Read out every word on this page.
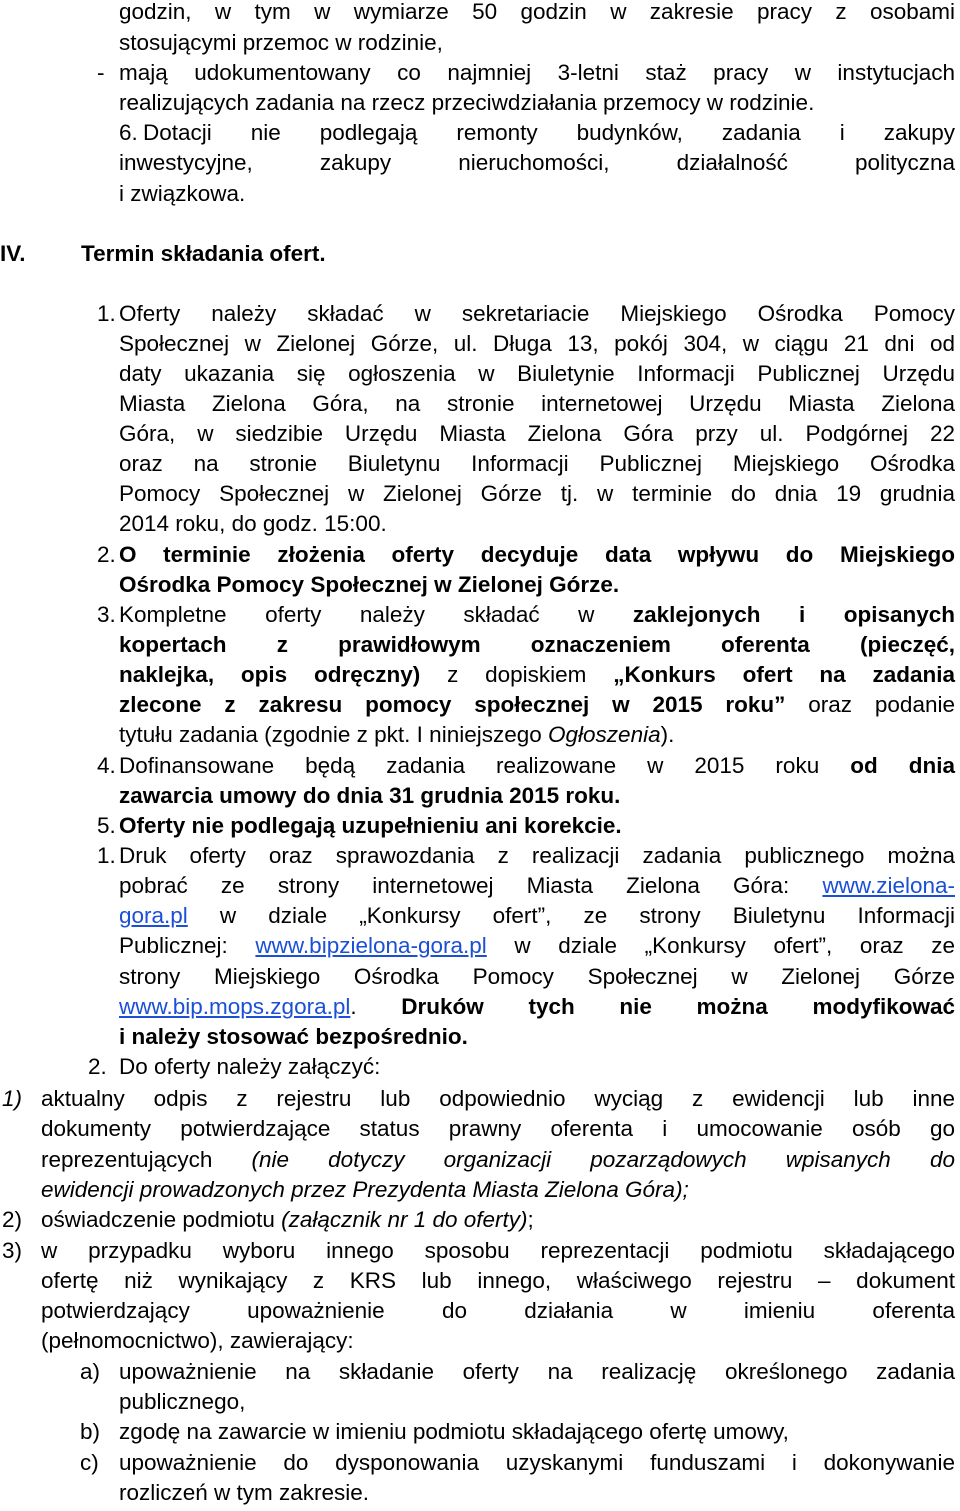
godzin, w tym w wymiarze 50 godzin w zakresie pracy z osobami
stosującymi przemoc w rodzinie,
- mają udokumentowany co najmniej 3-letni staż pracy w instytucjach
realizujących zadania na rzecz przeciwdziałania przemocy w rodzinie.
6. Dotacji nie podlegają remonty budynków, zadania i zakupy
inwestycyjne, zakupy nieruchomości, działalność polityczna
i związkowa.
IV. Termin składania ofert.
1. Oferty należy składać w sekretariacie Miejskiego Ośrodka Pomocy
Społecznej w Zielonej Górze, ul. Długa 13, pokój 304, w ciągu 21 dni od
daty ukazania się ogłoszenia w Biuletynie Informacji Publicznej Urzędu
Miasta Zielona Góra, na stronie internetowej Urzędu Miasta Zielona
Góra, w siedzibie Urzędu Miasta Zielona Góra przy ul. Podgórnej 22
oraz na stronie Biuletynu Informacji Publicznej Miejskiego Ośrodka
Pomocy Społecznej w Zielonej Górze tj. w terminie do dnia 19 grudnia
2014 roku, do godz. 15:00.
2. O terminie złożenia oferty decyduje data wpływu do Miejskiego
Ośrodka Pomocy Społecznej w Zielonej Górze.
3. Kompletne oferty należy składać w zaklejonych i opisanych
kopertach z prawidłowym oznaczeniem oferenta (pieczęć,
naklejka, opis odręczny) z dopiskiem „Konkurs ofert na zadania
zlecone z zakresu pomocy społecznej w 2015 roku” oraz podanie
tytułu zadania (zgodnie z pkt. I niniejszego Ogłoszenia).
4. Dofinansowane będą zadania realizowane w 2015 roku od dnia
zawarcia umowy do dnia 31 grudnia 2015 roku.
5. Oferty nie podlegają uzupełnieniu ani korekcie.
1. Druk oferty oraz sprawozdania z realizacji zadania publicznego można
pobrać ze strony internetowej Miasta Zielona Góra: www.zielona-
gora.pl w dziale „Konkursy ofert”, ze strony Biuletynu Informacji
Publicznej: www.bipzielona-gora.pl w dziale „Konkursy ofert”, oraz ze
strony Miejskiego Ośrodka Pomocy Społecznej w Zielonej Górze
www.bip.mops.zgora.pl. Druków tych nie można modyfikować
i należy stosować bezpośrednio.
2. Do oferty należy załączyć:
1) aktualny odpis z rejestru lub odpowiednio wyciąg z ewidencji lub inne
dokumenty potwierdzające status prawny oferenta i umocowanie osób go
reprezentujących (nie dotyczy organizacji pozarządowych wpisanych do
ewidencji prowadzonych przez Prezydenta Miasta Zielona Góra);
2) oświadczenie podmiotu (załącznik nr 1 do oferty);
3) w przypadku wyboru innego sposobu reprezentacji podmiotu składającego
ofertę niż wynikający z KRS lub innego, właściwego rejestru – dokument
potwierdzający upoważnienie do działania w imieniu oferenta
(pełnomocnictwo), zawierający:
a) upoważnienie na składanie oferty na realizację określonego zadania
publicznego,
b) zgodę na zawarcie w imieniu podmiotu składającego ofertę umowy,
c) upoważnienie do dysponowania uzyskanymi funduszami i dokonywanie
rozliczeń w tym zakresie.
